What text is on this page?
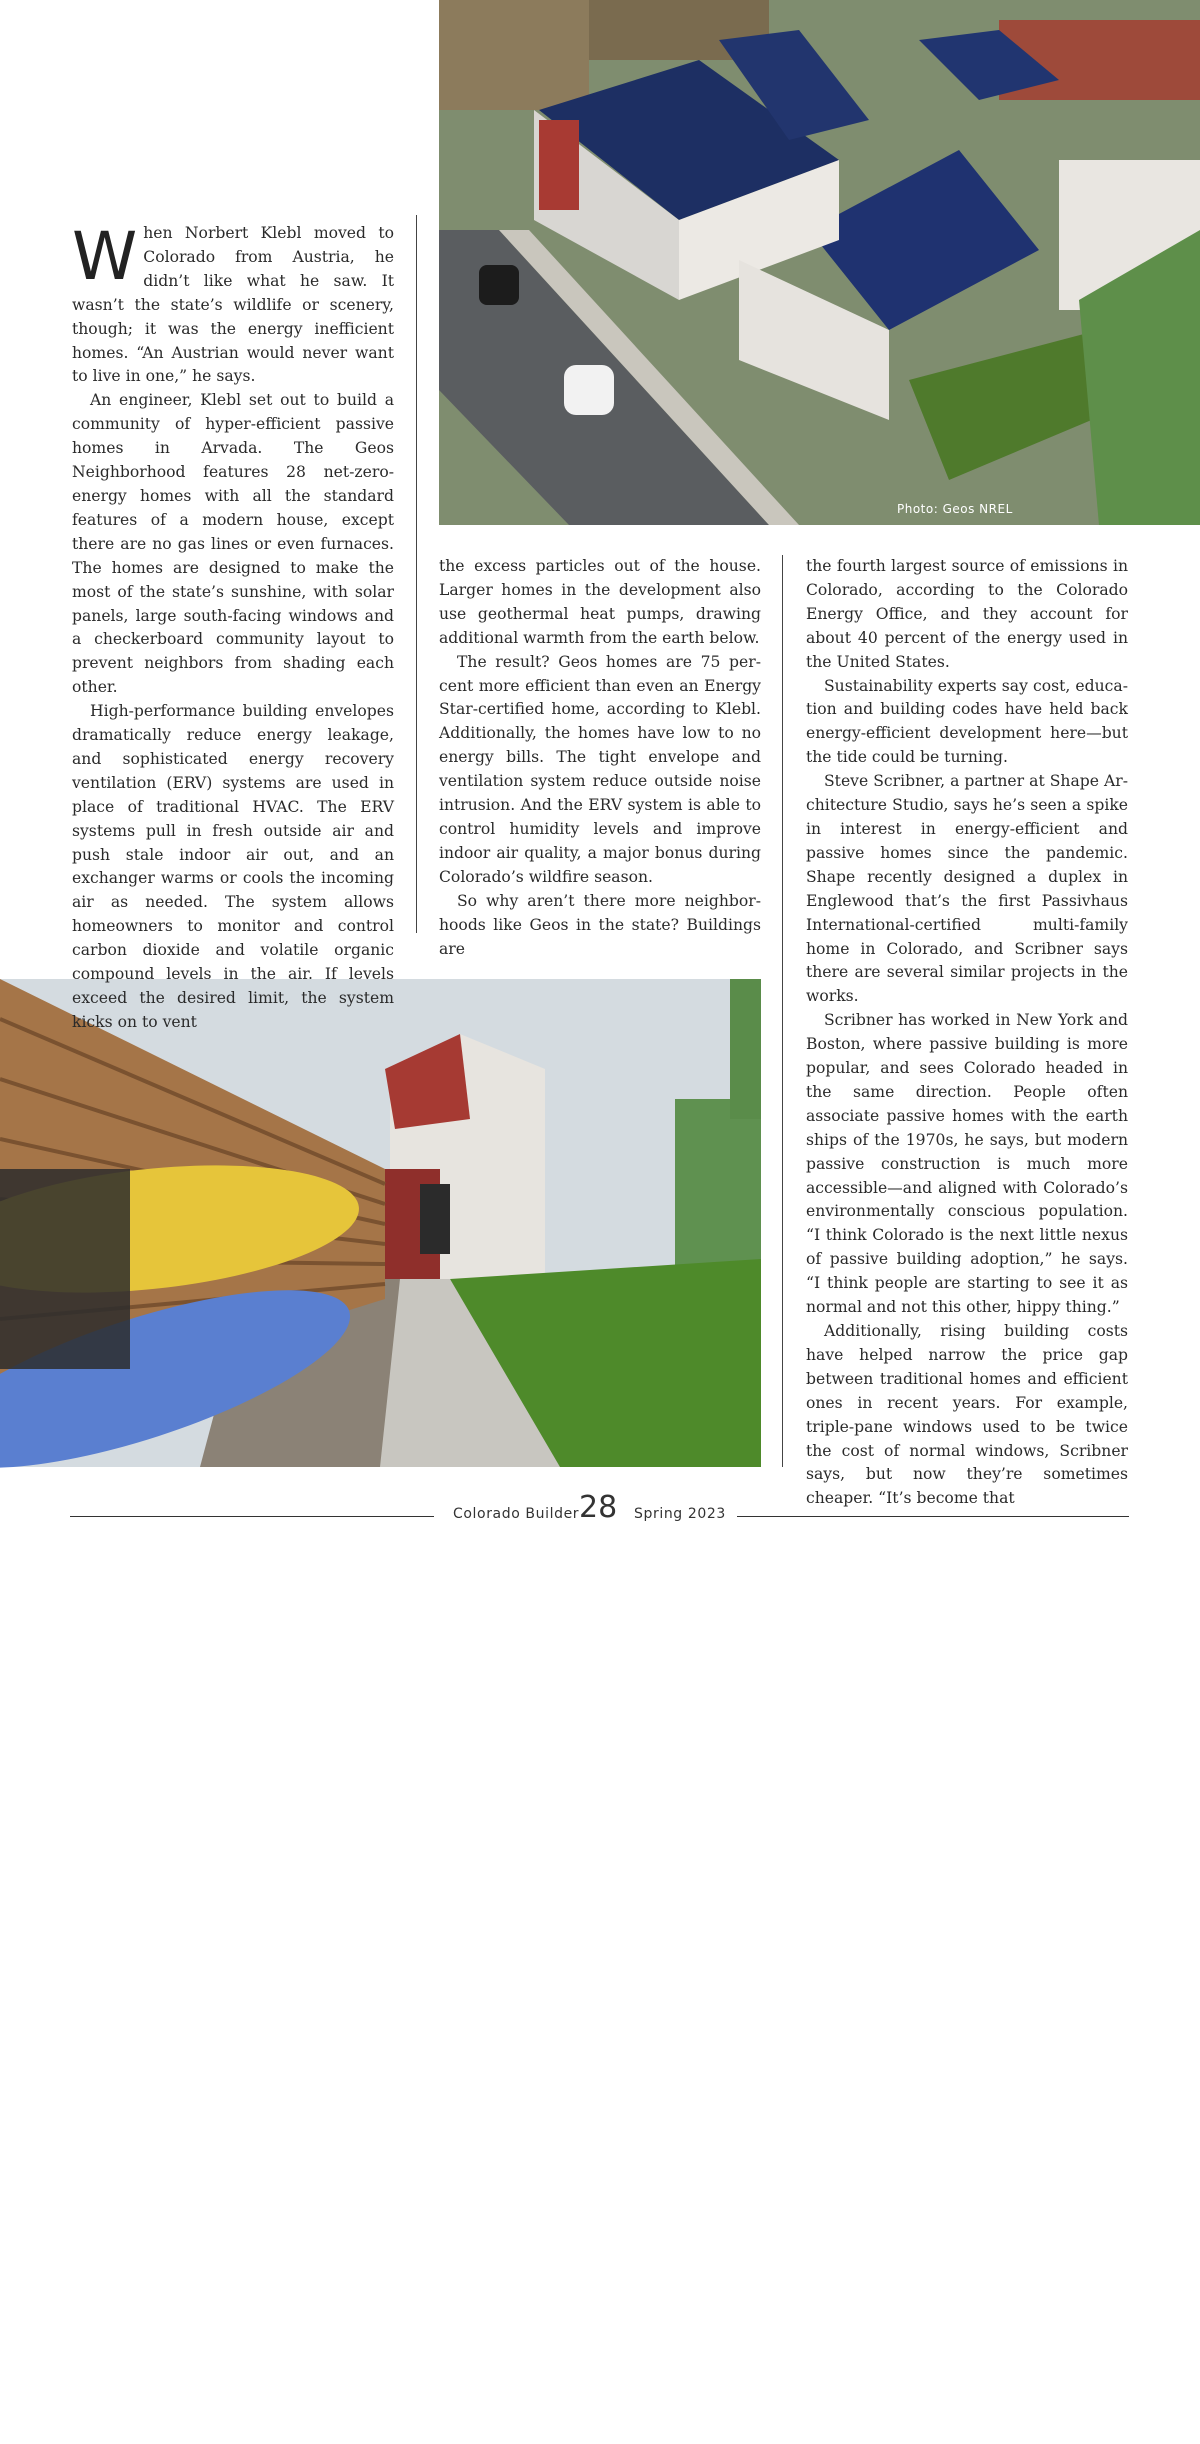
Photo: Geos NREL
Photo: Geos NREL
W hen Norbert Klebl moved to Colorado from Austria, he didn’t like what he saw. It wasn’t the state’s wildlife or scenery, though; it was the energy inefficient homes. “An Austrian would never want to live in one,” he says.

An engineer, Klebl set out to build a community of hyper-efficient passive homes in Arvada. The Geos Neighborhood features 28 net-zero-energy homes with all the standard features of a modern house, except there are no gas lines or even furnaces. The homes are designed to make the most of the state’s sunshine, with solar panels, large south-facing windows and a checkerboard community layout to prevent neighbors from shading each other.

High-performance building envelopes dramatically reduce energy leakage, and sophisticated energy recovery ventilation (ERV) systems are used in place of traditional HVAC. The ERV systems pull in fresh outside air and push stale indoor air out, and an exchanger warms or cools the incoming air as needed. The system allows homeowners to monitor and control carbon dioxide and volatile organic compound levels in the air. If levels exceed the desired limit, the system kicks on to vent

the excess particles out of the house. Larger homes in the development also use geothermal heat pumps, drawing additional warmth from the earth below.

The result? Geos homes are 75 percent more efficient than even an Energy Star-certified home, according to Klebl. Additionally, the homes have low to no energy bills. The tight envelope and ventilation system reduce outside noise intrusion. And the ERV system is able to control humidity levels and improve indoor air quality, a major bonus during Colorado’s wildfire season.

So why aren’t there more neighborhoods like Geos in the state? Buildings are

the fourth largest source of emissions in Colorado, according to the Colorado Energy Office, and they account for about 40 percent of the energy used in the United States.

Sustainability experts say cost, education and building codes have held back energy-efficient development here—but the tide could be turning.

Steve Scribner, a partner at Shape Architecture Studio, says he’s seen a spike in interest in energy-efficient and passive homes since the pandemic. Shape recently designed a duplex in Englewood that’s the first Passivhaus International-certified multi-family home in Colorado, and Scribner says there are several similar projects in the works.

Scribner has worked in New York and Boston, where passive building is more popular, and sees Colorado headed in the same direction. People often associate passive homes with the earth ships of the 1970s, he says, but modern passive construction is much more accessible—and aligned with Colorado’s environmentally conscious population. “I think Colorado is the next little nexus of passive building adoption,” he says. “I think people are starting to see it as normal and not this other, hippy thing.”

Additionally, rising building costs have helped narrow the price gap between traditional homes and efficient ones in recent years. For example, triple-pane windows used to be twice the cost of normal windows, Scribner says, but now they’re sometimes cheaper. “It’s become that

Colorado Builder 28 Spring 2023
